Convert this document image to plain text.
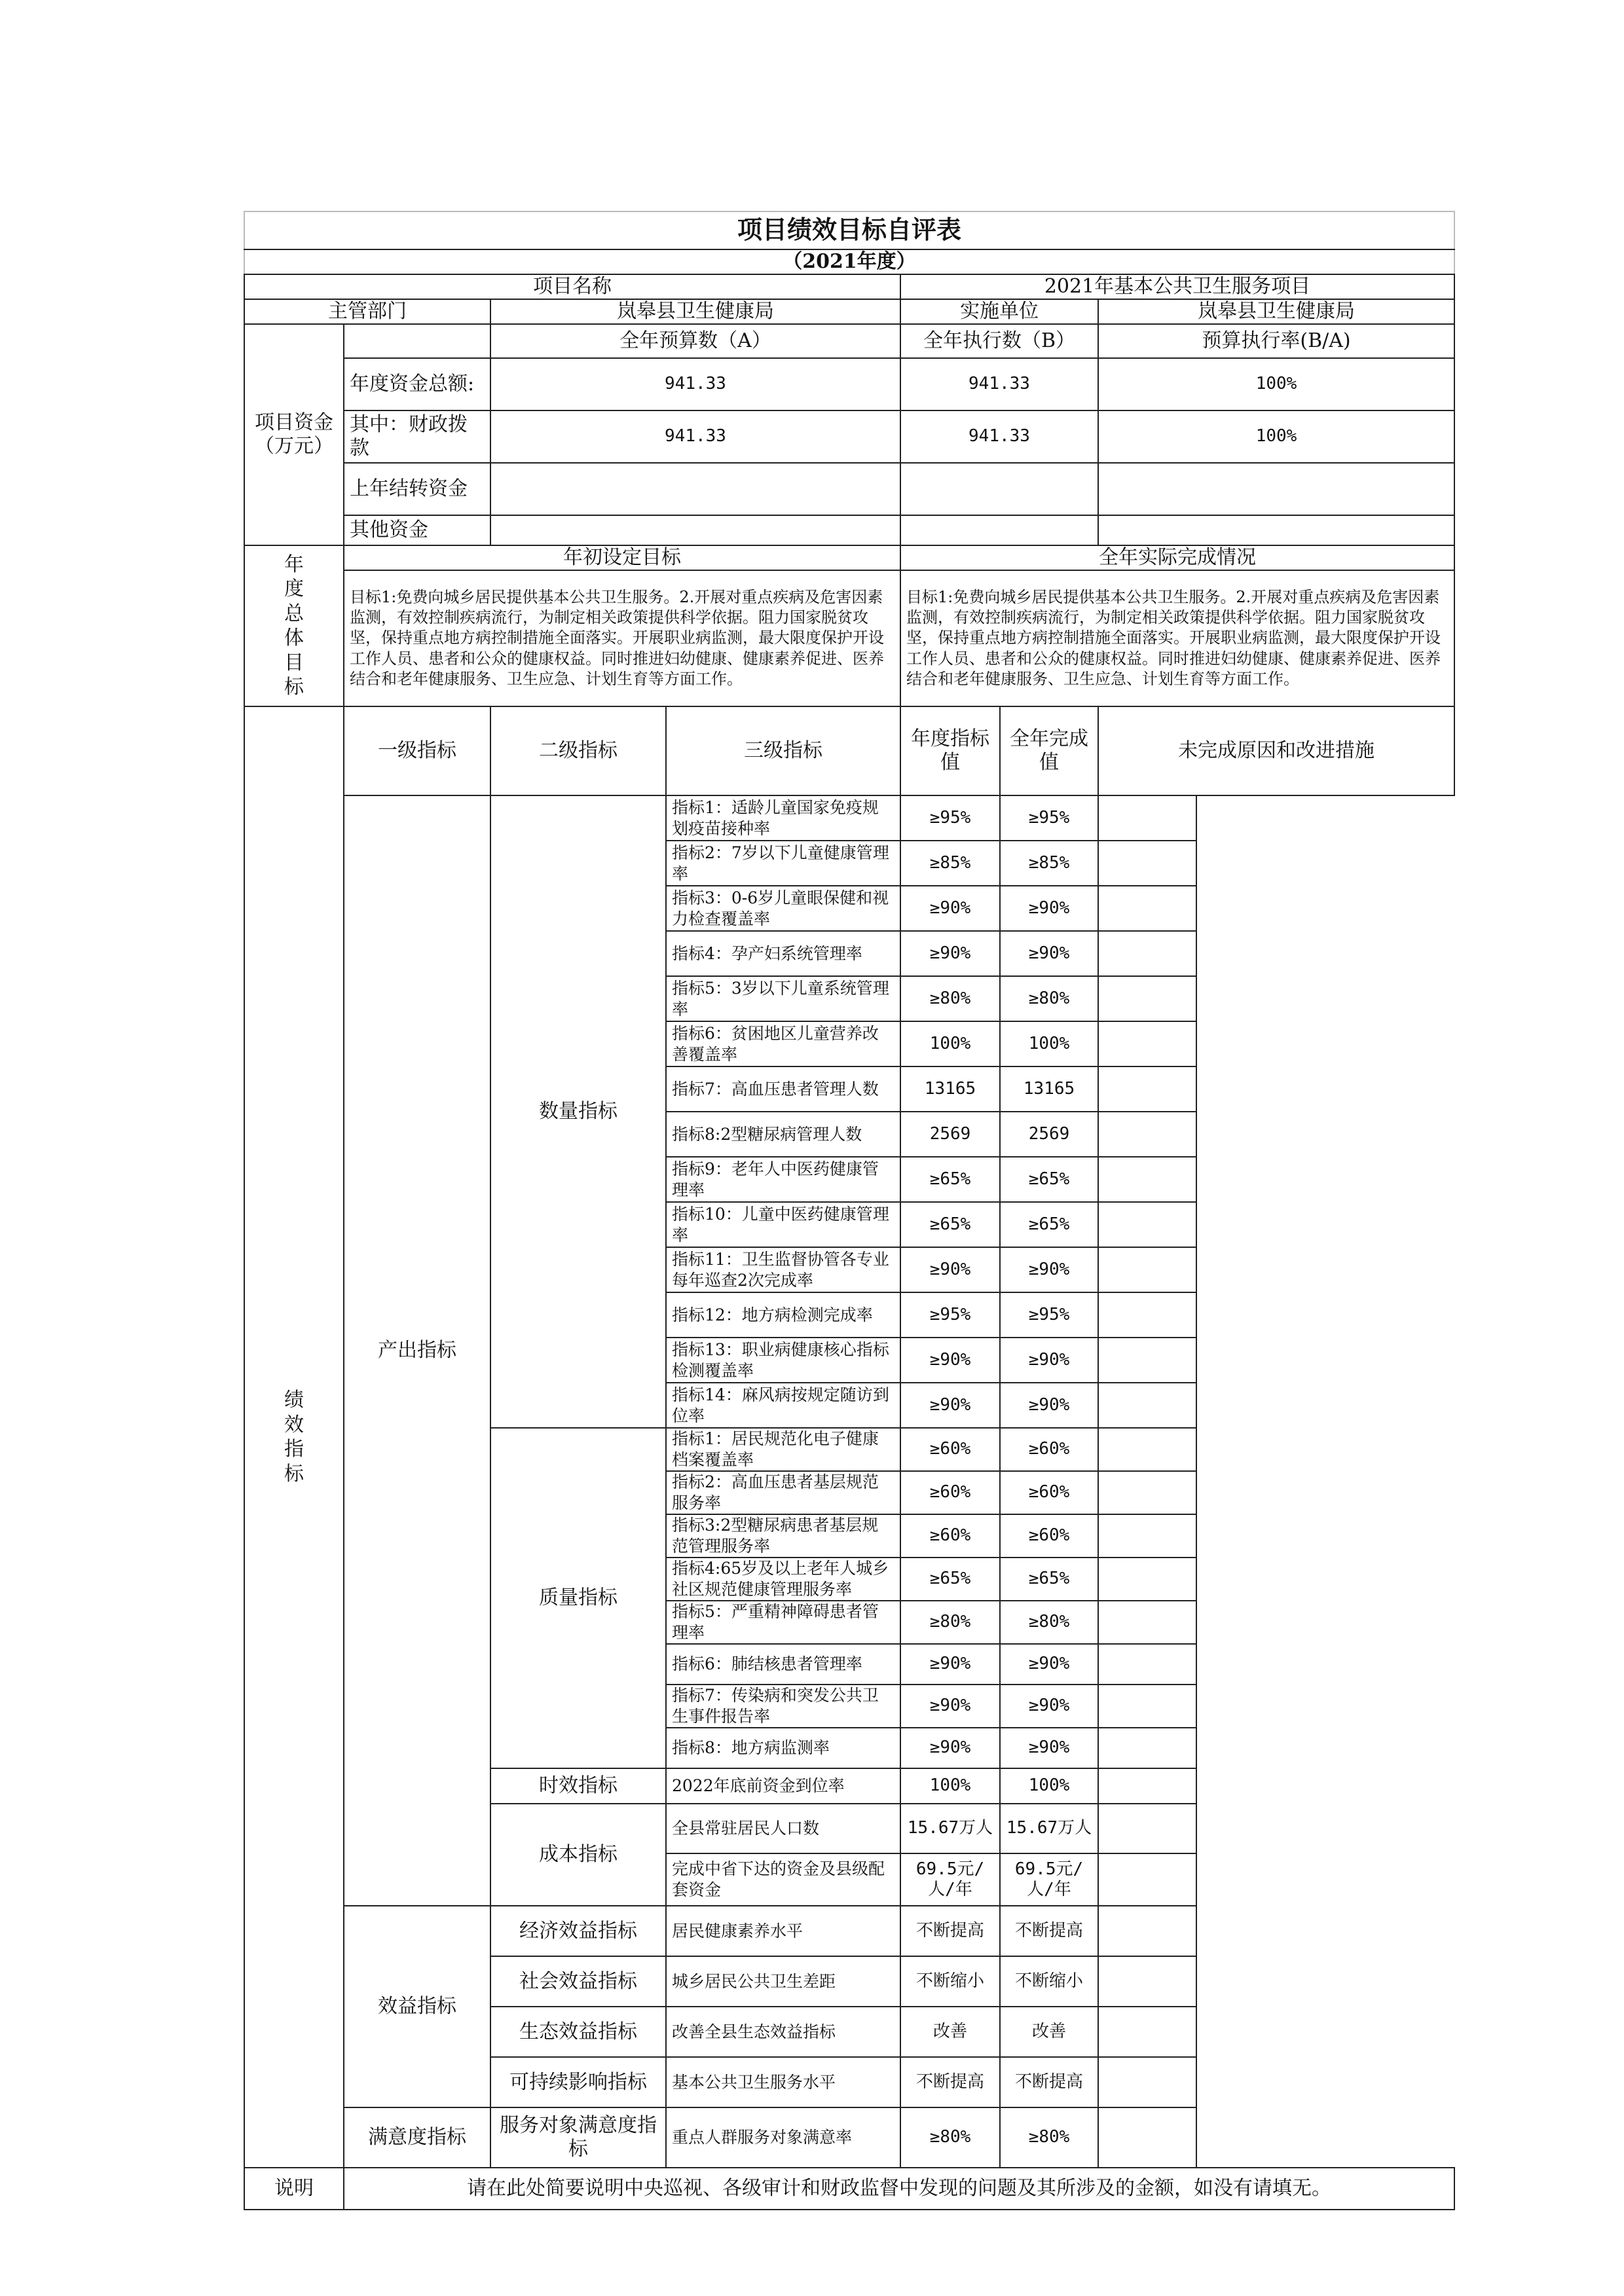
项目绩效目标自评表						
（2021年度）						
项目名称				2021年基本公共卫生服务项目		
主管部门		岚皋县卫生健康局		实施单位		岚皋县卫生健康局
项目资金（万元）		全年预算数（A）		全年执行数（B）		预算执行率(B/A)
	年度资金总额:	941.33		941.33		100%
	其中：财政拨款	941.33		941.33		100%
	上年结转资金					
	其他资金					
年度总体目标	年初设定目标			全年实际完成情况		
	目标1:免费向城乡居民提供基本公共卫生服务。2.开展对重点疾病及危害因素监测，有效控制疾病流行，为制定相关政策提供科学依据。阻力国家脱贫攻坚，保持重点地方病控制措施全面落实。开展职业病监测，最大限度保护开设工作人员、患者和公众的健康权益。同时推进妇幼健康、健康素养促进、医养结合和老年健康服务、卫生应急、计划生育等方面工作。			目标1:免费向城乡居民提供基本公共卫生服务。2.开展对重点疾病及危害因素监测，有效控制疾病流行，为制定相关政策提供科学依据。阻力国家脱贫攻坚，保持重点地方病控制措施全面落实。开展职业病监测，最大限度保护开设工作人员、患者和公众的健康权益。同时推进妇幼健康、健康素养促进、医养结合和老年健康服务、卫生应急、计划生育等方面工作。		
绩效指标	一级指标	二级指标	三级指标	年度指标值	全年完成值	未完成原因和改进措施
	产出指标	数量指标	指标1：适龄儿童国家免疫规划疫苗接种率	≥95%	≥95%	
			指标2：7岁以下儿童健康管理率	≥85%	≥85%	
			指标3：0-6岁儿童眼保健和视力检查覆盖率	≥90%	≥90%	
			指标4：孕产妇系统管理率	≥90%	≥90%	
			指标5：3岁以下儿童系统管理率	≥80%	≥80%	
			指标6：贫困地区儿童营养改善覆盖率	100%	100%	
			指标7：高血压患者管理人数	13165	13165	
			指标8:2型糖尿病管理人数	2569	2569	
			指标9：老年人中医药健康管理率	≥65%	≥65%	
			指标10：儿童中医药健康管理率	≥65%	≥65%	
			指标11：卫生监督协管各专业每年巡查2次完成率	≥90%	≥90%	
			指标12：地方病检测完成率	≥95%	≥95%	
			指标13：职业病健康核心指标检测覆盖率	≥90%	≥90%	
			指标14：麻风病按规定随访到位率	≥90%	≥90%	
		质量指标	指标1：居民规范化电子健康档案覆盖率	≥60%	≥60%	
			指标2：高血压患者基层规范服务率	≥60%	≥60%	
			指标3:2型糖尿病患者基层规范管理服务率	≥60%	≥60%	
			指标4:65岁及以上老年人城乡社区规范健康管理服务率	≥65%	≥65%	
			指标5：严重精神障碍患者管理率	≥80%	≥80%	
			指标6：肺结核患者管理率	≥90%	≥90%	
			指标7：传染病和突发公共卫生事件报告率	≥90%	≥90%	
			指标8：地方病监测率	≥90%	≥90%	
		时效指标	2022年底前资金到位率	100%	100%	
		成本指标	全县常驻居民人口数	15.67万人	15.67万人	
			完成中省下达的资金及县级配套资金	69.5元/人/年	69.5元/人/年	
	效益指标	经济效益指标	居民健康素养水平	不断提高	不断提高	
		社会效益指标	城乡居民公共卫生差距	不断缩小	不断缩小	
		生态效益指标	改善全县生态效益指标	改善	改善	
		可持续影响指标	基本公共卫生服务水平	不断提高	不断提高	
	满意度指标	服务对象满意度指标	重点人群服务对象满意率	≥80%	≥80%	
说明	请在此处简要说明中央巡视、各级审计和财政监督中发现的问题及其所涉及的金额，如没有请填无。					
